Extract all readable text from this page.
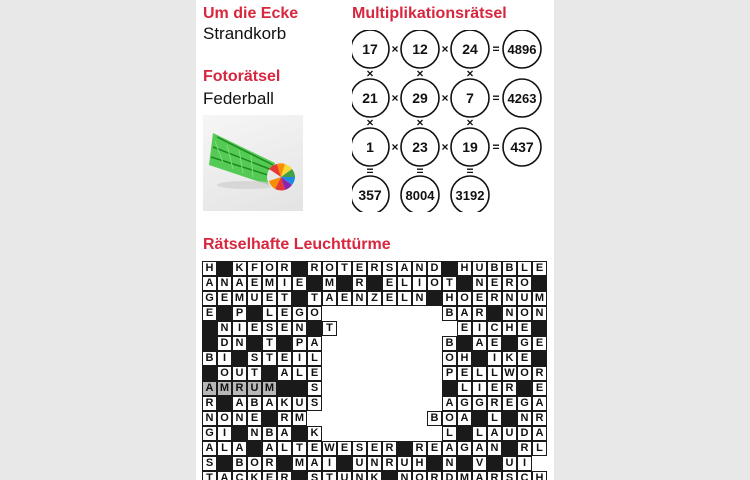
Um die Ecke
Strandkorb
Fotorätsel
Federball
Multiplikationsrätsel
17 12 24 4896
×	×	=
21 29	7	4263
×	×	=
1	23 19 437
×	×	=
357 8004 3192
×
×
=
×
×
=
×
×
=
Rätselhafte Leuchttürme
H	K F O R	R O T E R S A N D	H U B B L E
A N A E M I E	M	R	E L I O T	N E R O
G E M U E T	T A E N Z E L N	H O E R N U M
E	P	L E G O	B A R	N O N
N I E S E N	T	E I C H E
D N	T	P A	B	A E	G E
B I	S T E I L	O H	I K E
O U T	A L E	P E L L W O R
A M R U M	S	L I E R	E
R	A B A K U S	A G G R E G A
N O N E	R M	B O A	L	N R
G I	N B A	K	L	L A U D A
A L A	A L T E W E S E R	R E A G A N	R L
S	B O R	M A I	U N R U H	N	V	U I
T A C K E R	S T U N K	N O R D M A R S C H
